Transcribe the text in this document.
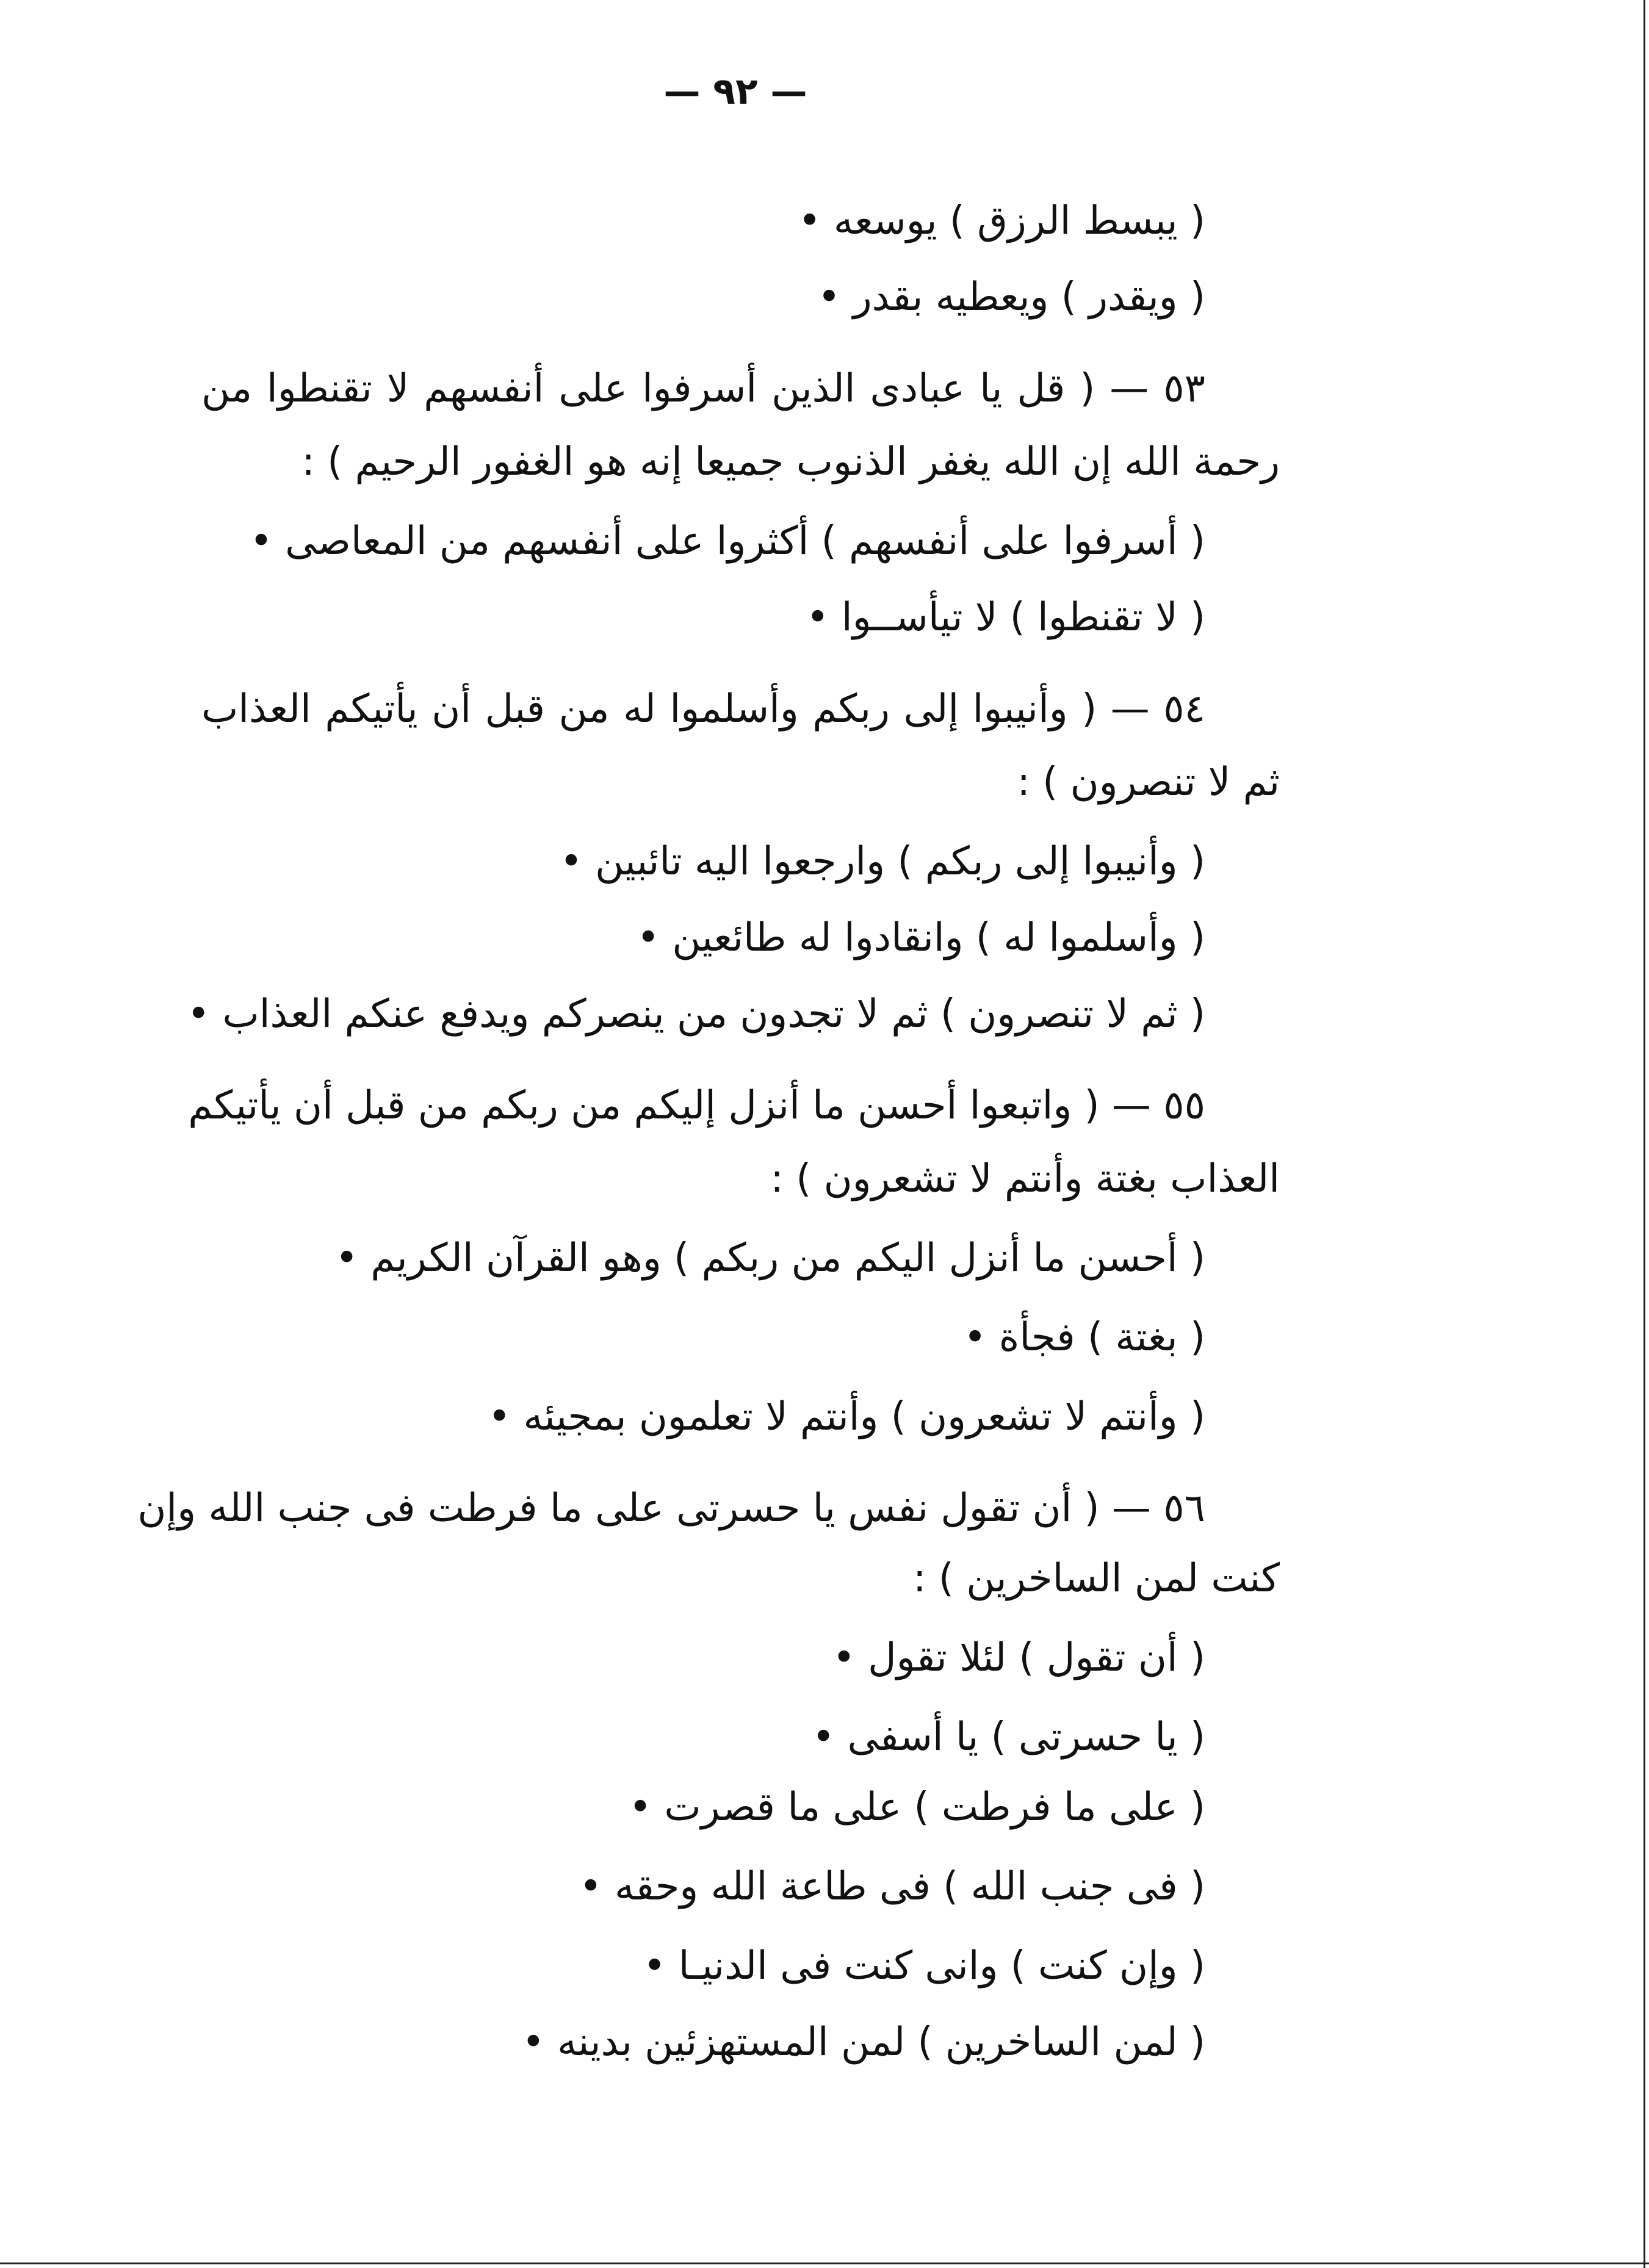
— ٩٢ —
( يبسط الرزق ) يوسعه •
( ويقدر ) ويعطيه بقدر •
٥٣ — ( قل يا عبادى الذين أسرفوا على أنفسهم لا تقنطوا من
رحمة الله إن الله يغفر الذنوب جميعا إنه هو الغفور الرحيم ) :
( أسرفوا على أنفسهم ) أكثروا على أنفسهم من المعاصى •
( لا تقنطوا ) لا تيأســوا •
٥٤ — ( وأنيبوا إلى ربكم وأسلموا له من قبل أن يأتيكم العذاب
ثم لا تنصرون ) :
( وأنيبوا إلى ربكم ) وارجعوا اليه تائبين •
( وأسلموا له ) وانقادوا له طائعين •
( ثم لا تنصرون ) ثم لا تجدون من ينصركم ويدفع عنكم العذاب •
٥٥ — ( واتبعوا أحسن ما أنزل إليكم من ربكم من قبل أن يأتيكم
العذاب بغتة وأنتم لا تشعرون ) :
( أحسن ما أنزل اليكم من ربكم ) وهو القرآن الكريم •
( بغتة ) فجأة •
( وأنتم لا تشعرون ) وأنتم لا تعلمون بمجيئه •
٥٦ — ( أن تقول نفس يا حسرتى على ما فرطت فى جنب الله وإن
كنت لمن الساخرين ) :
( أن تقول ) لئلا تقول •
( يا حسرتى ) يا أسفى •
( على ما فرطت ) على ما قصرت •
( فى جنب الله ) فى طاعة الله وحقه •
( وإن كنت ) وانى كنت فى الدنيـا •
( لمن الساخرين ) لمن المستهزئين بدينه •
